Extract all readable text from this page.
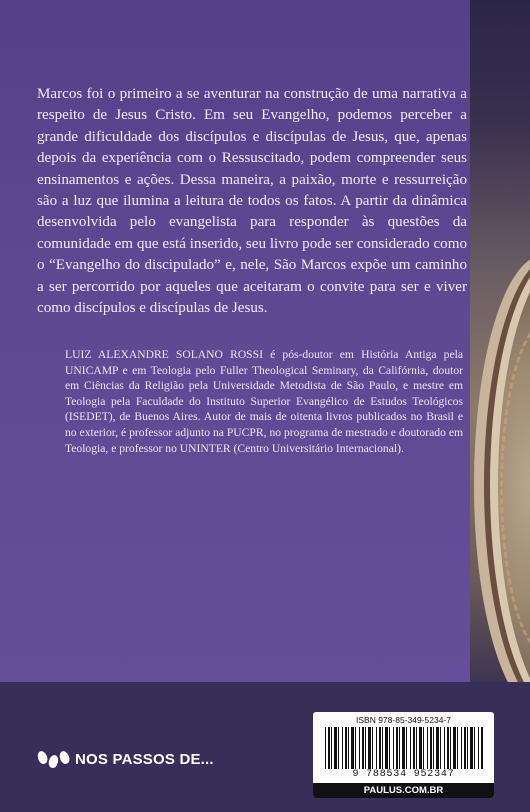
Marcos foi o primeiro a se aventurar na construção de uma narrativa a respeito de Jesus Cristo. Em seu Evangelho, podemos perceber a grande dificuldade dos discípulos e discípulas de Jesus, que, apenas depois da experiência com o Ressuscitado, podem compreender seus ensinamentos e ações. Dessa maneira, a paixão, morte e ressurreição são a luz que ilumina a leitura de todos os fatos. A partir da dinâmica desenvolvida pelo evangelista para responder às questões da comunidade em que está inserido, seu livro pode ser considerado como o “Evangelho do discipulado” e, nele, São Marcos expõe um caminho a ser percorrido por aqueles que aceitaram o convite para ser e viver como discípulos e discípulas de Jesus.

LUIZ ALEXANDRE SOLANO ROSSI é pós-doutor em História Antiga pela UNICAMP e em Teologia pelo Fuller Theological Seminary, da Califórnia, doutor em Ciências da Religião pela Universidade Metodista de São Paulo, e mestre em Teologia pela Faculdade do Instituto Superior Evangélico de Estudos Teológicos (ISEDET), de Buenos Aires. Autor de mais de oitenta livros publicados no Brasil e no exterior, é professor adjunto na PUCPR, no programa de mestrado e doutorado em Teologia, e professor no UNINTER (Centro Universitário Internacional).

NOS PASSOS DE...
ISBN 978-85-349-5234-7
9 788534 952347
PAULUS.COM.BR
